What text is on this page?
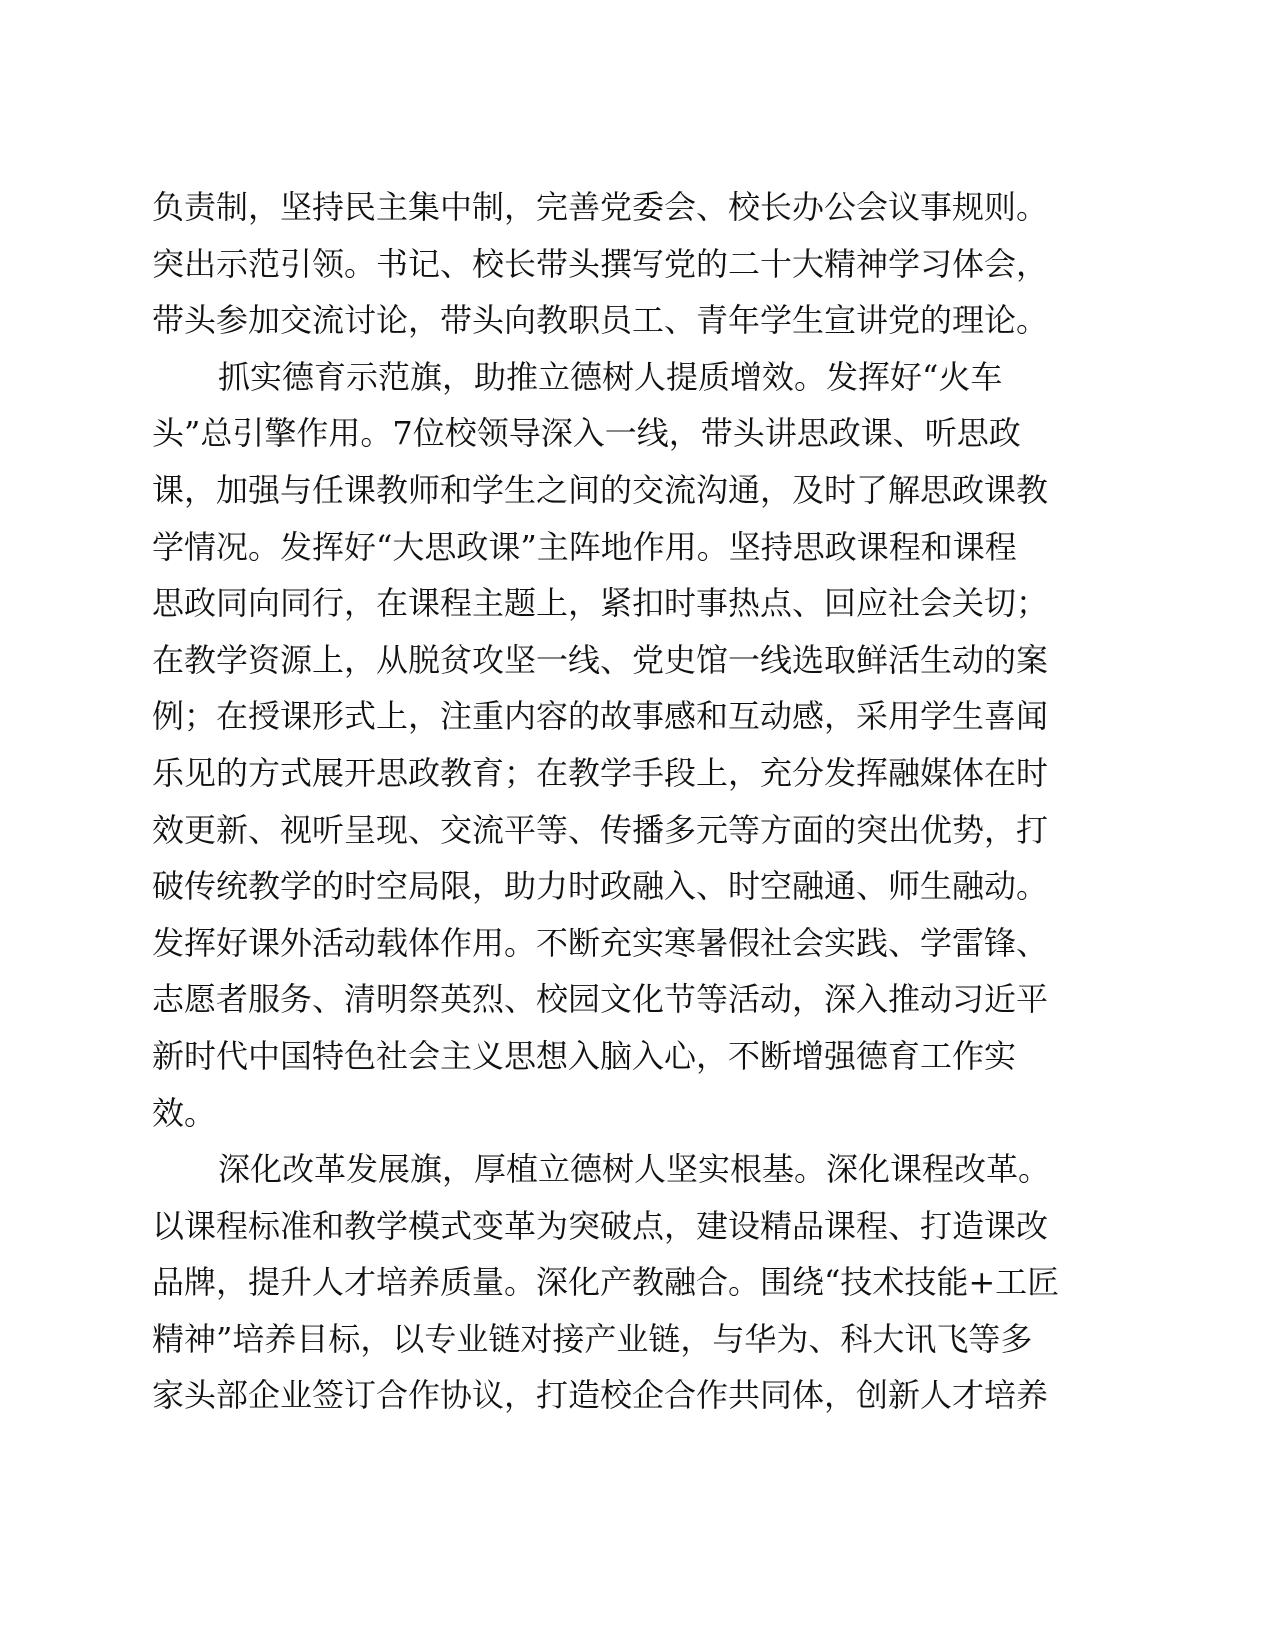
负责制，坚持民主集中制，完善党委会、校长办公会议事规则。
突出示范引领。书记、校长带头撰写党的二十大精神学习体会，
带头参加交流讨论，带头向教职员工、青年学生宣讲党的理论。
抓实德育示范旗，助推立德树人提质增效。发挥好“火车
头”总引擎作用。7位校领导深入一线，带头讲思政课、听思政
课，加强与任课教师和学生之间的交流沟通，及时了解思政课教
学情况。发挥好“大思政课”主阵地作用。坚持思政课程和课程
思政同向同行，在课程主题上，紧扣时事热点、回应社会关切；
在教学资源上，从脱贫攻坚一线、党史馆一线选取鲜活生动的案
例；在授课形式上，注重内容的故事感和互动感，采用学生喜闻
乐见的方式展开思政教育；在教学手段上，充分发挥融媒体在时
效更新、视听呈现、交流平等、传播多元等方面的突出优势，打
破传统教学的时空局限，助力时政融入、时空融通、师生融动。
发挥好课外活动载体作用。不断充实寒暑假社会实践、学雷锋、
志愿者服务、清明祭英烈、校园文化节等活动，深入推动习近平
新时代中国特色社会主义思想入脑入心，不断增强德育工作实
效。
深化改革发展旗，厚植立德树人坚实根基。深化课程改革。
以课程标准和教学模式变革为突破点，建设精品课程、打造课改
品牌，提升人才培养质量。深化产教融合。围绕“技术技能+工匠
精神”培养目标，以专业链对接产业链，与华为、科大讯飞等多
家头部企业签订合作协议，打造校企合作共同体，创新人才培养
